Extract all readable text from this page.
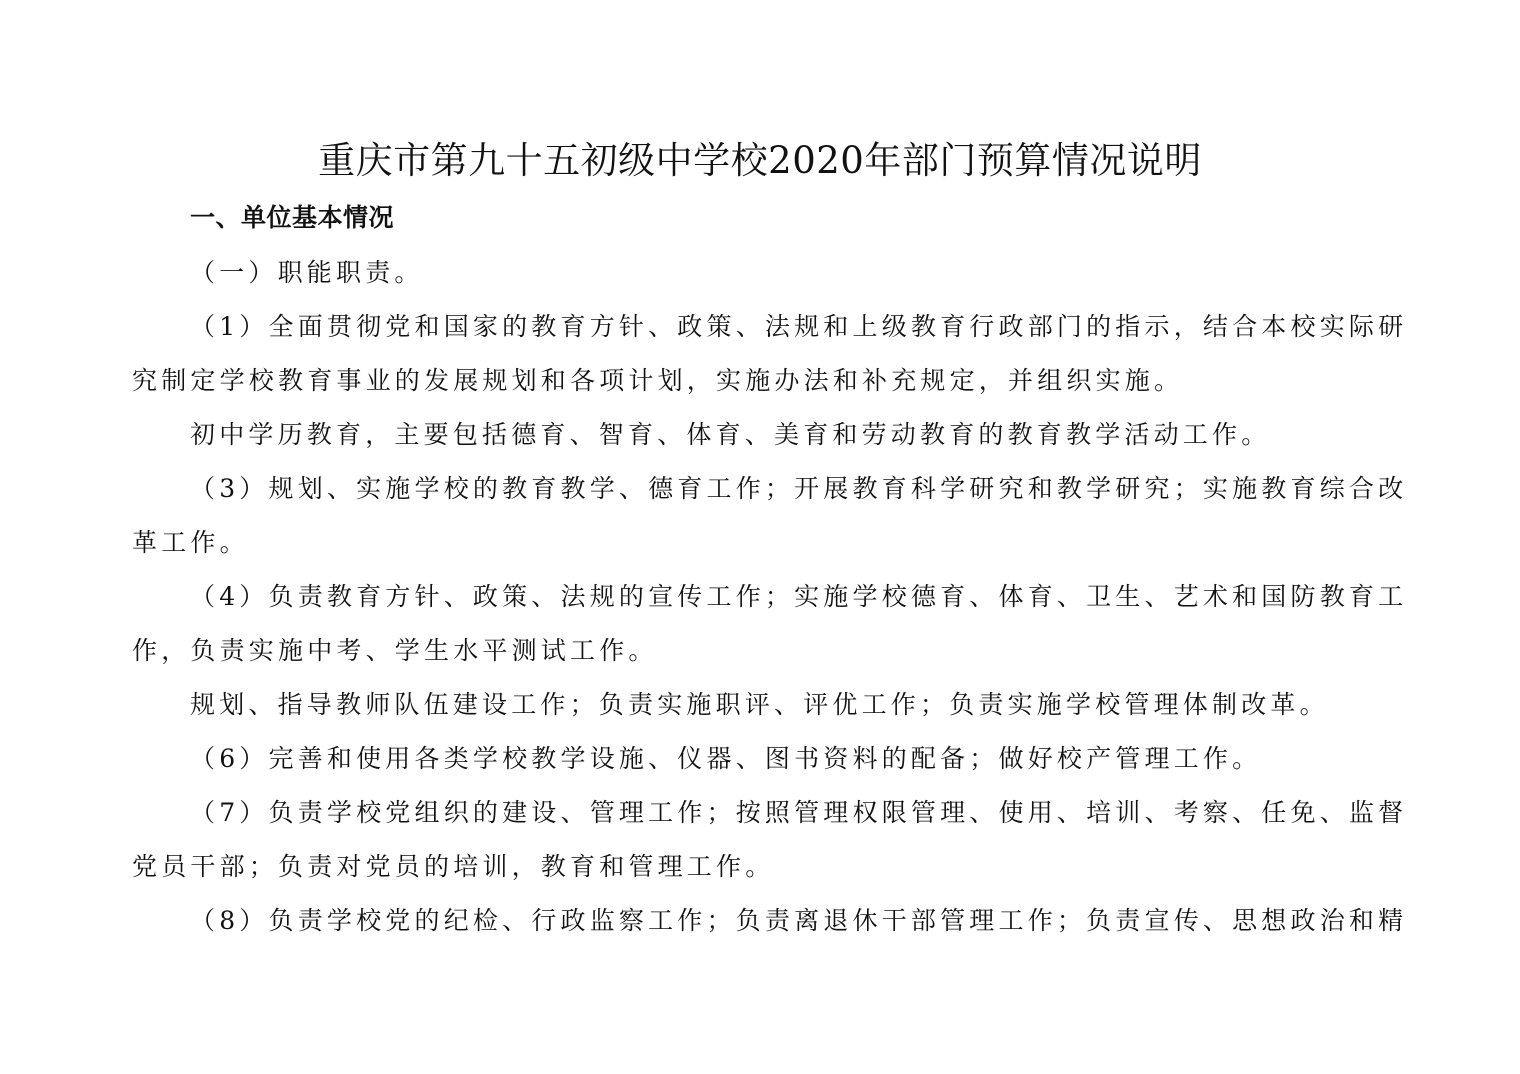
重庆市第九十五初级中学校2020年部门预算情况说明
一、单位基本情况

（一）职能职责。

（1）全面贯彻党和国家的教育方针、政策、法规和上级教育行政部门的指示，结合本校实际研
究制定学校教育事业的发展规划和各项计划，实施办法和补充规定，并组织实施。

初中学历教育，主要包括德育、智育、体育、美育和劳动教育的教育教学活动工作。

（3）规划、实施学校的教育教学、德育工作；开展教育科学研究和教学研究；实施教育综合改
革工作。

（4）负责教育方针、政策、法规的宣传工作；实施学校德育、体育、卫生、艺术和国防教育工
作，负责实施中考、学生水平测试工作。

规划、指导教师队伍建设工作；负责实施职评、评优工作；负责实施学校管理体制改革。

（6）完善和使用各类学校教学设施、仪器、图书资料的配备；做好校产管理工作。

（7）负责学校党组织的建设、管理工作；按照管理权限管理、使用、培训、考察、任免、监督
党员干部；负责对党员的培训，教育和管理工作。

（8）负责学校党的纪检、行政监察工作；负责离退休干部管理工作；负责宣传、思想政治和精
